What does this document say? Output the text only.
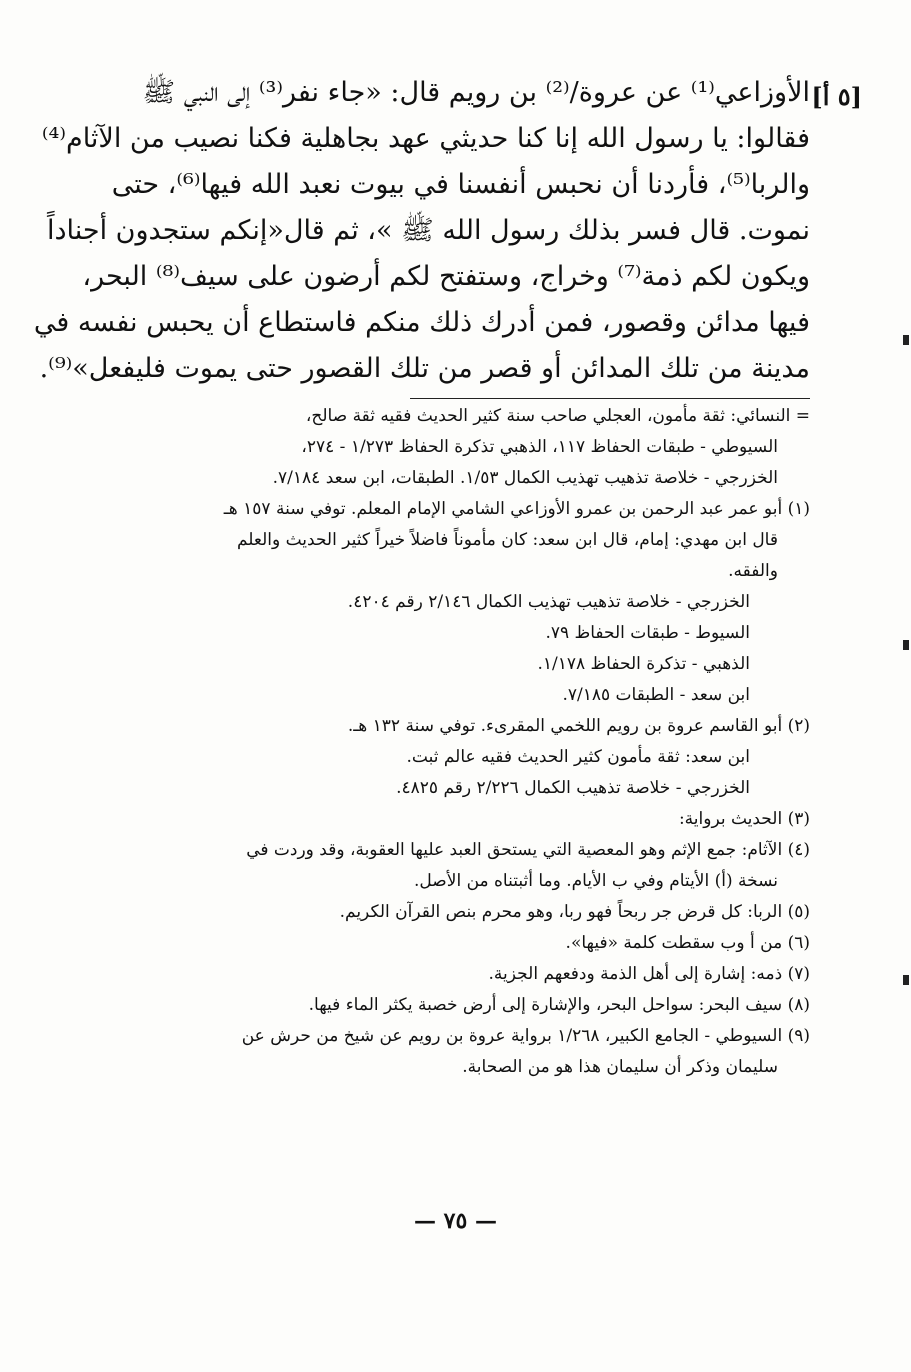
[٥ أ]
الأوزاعي⁽¹⁾ عن عروة/⁽²⁾ بن رويم قال: «جاء نفر⁽³⁾ إلى النبي ﷺ
فقالوا: يا رسول الله إنا كنا حديثي عهد بجاهلية فكنا نصيب من الآثام⁽⁴⁾
والربا⁽⁵⁾، فأردنا أن نحبس أنفسنا في بيوت نعبد الله فيها⁽⁶⁾، حتى
نموت. قال فسر بذلك رسول الله ﷺ »، ثم قال«إنكم ستجدون أجناداً
ويكون لكم ذمة⁽⁷⁾ وخراج، وستفتح لكم أرضون على سيف⁽⁸⁾ البحر،
فيها مدائن وقصور، فمن أدرك ذلك منكم فاستطاع أن يحبس نفسه في
مدينة من تلك المدائن أو قصر من تلك القصور حتى يموت فليفعل»⁽⁹⁾.
= النسائي: ثقة مأمون، العجلي صاحب سنة كثير الحديث فقيه ثقة صالح،
السيوطي - طبقات الحفاظ ١١٧، الذهبي تذكرة الحفاظ ١/٢٧٣ - ٢٧٤،
الخزرجي - خلاصة تذهيب تهذيب الكمال ١/٥٣. الطبقات، ابن سعد ٧/١٨٤.
(١) أبو عمر عبد الرحمن بن عمرو الأوزاعي الشامي الإمام المعلم. توفي سنة ١٥٧ هـ
قال ابن مهدي: إمام، قال ابن سعد: كان مأموناً فاضلاً خيراً كثير الحديث والعلم
والفقه.
الخزرجي - خلاصة تذهيب تهذيب الكمال ٢/١٤٦ رقم ٤٢٠٤.
السيوط - طبقات الحفاظ ٧٩.
الذهبي - تذكرة الحفاظ ١/١٧٨.
ابن سعد - الطبقات ٧/١٨٥.
(٢) أبو القاسم عروة بن رويم اللخمي المقرىء. توفي سنة ١٣٢ هـ.
ابن سعد: ثقة مأمون كثير الحديث فقيه عالم ثبت.
الخزرجي - خلاصة تذهيب الكمال ٢/٢٢٦ رقم ٤٨٢٥.
(٣) الحديث برواية:
(٤) الآثام: جمع الإثم وهو المعصية التي يستحق العبد عليها العقوبة، وقد وردت في
نسخة (أ) الأيتام وفي ب الأيام. وما أثبتناه من الأصل.
(٥) الربا: كل قرض جر ربحاً فهو ربا، وهو محرم بنص القرآن الكريم.
(٦) من أ وب سقطت كلمة «فيها».
(٧) ذمه: إشارة إلى أهل الذمة ودفعهم الجزية.
(٨) سيف البحر: سواحل البحر، والإشارة إلى أرض خصبة يكثر الماء فيها.
(٩) السيوطي - الجامع الكبير، ١/٢٦٨ برواية عروة بن رويم عن شيخ من حرش عن
سليمان وذكر أن سليمان هذا هو من الصحابة.
— ٧٥ —
